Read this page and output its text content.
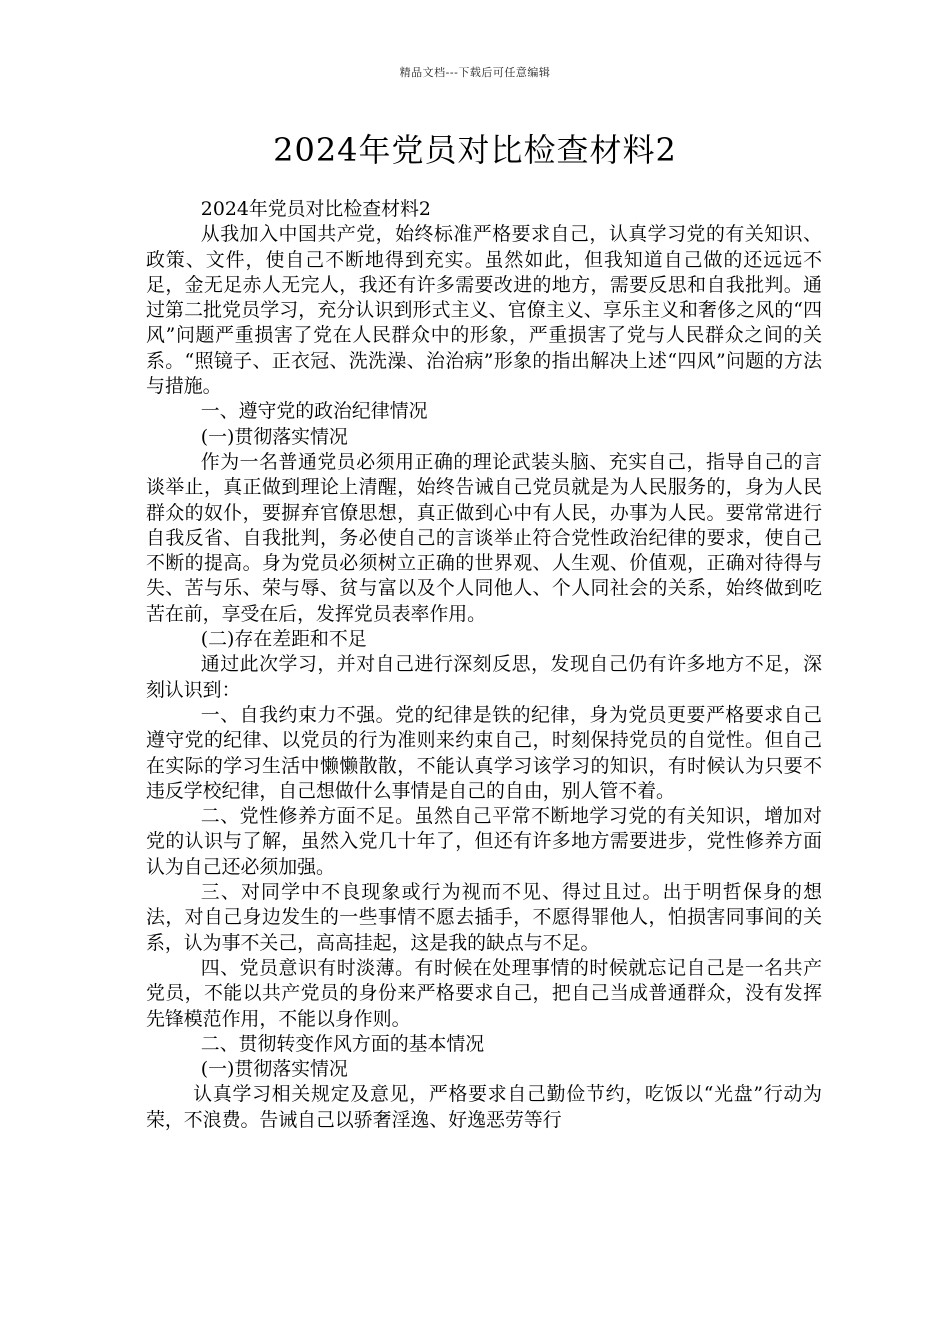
精品文档---下载后可任意编辑
2024年党员对比检查材料2

2024年党员对比检查材料2

从我加入中国共产党，始终标准严格要求自己，认真学习党的有关知识、政策、文件，使自己不断地得到充实。虽然如此，但我知道自己做的还远远不足，金无足赤人无完人，我还有许多需要改进的地方，需要反思和自我批判。通过第二批党员学习，充分认识到形式主义、官僚主义、享乐主义和奢侈之风的“四风”问题严重损害了党在人民群众中的形象，严重损害了党与人民群众之间的关系。“照镜子、正衣冠、洗洗澡、治治病”形象的指出解决上述“四风”问题的方法与措施。

一、遵守党的政治纪律情况

(一)贯彻落实情况

作为一名普通党员必须用正确的理论武装头脑、充实自己，指导自己的言谈举止，真正做到理论上清醒，始终告诫自己党员就是为人民服务的，身为人民群众的奴仆，要摒弃官僚思想，真正做到心中有人民，办事为人民。要常常进行自我反省、自我批判，务必使自己的言谈举止符合党性政治纪律的要求，使自己不断的提高。身为党员必须树立正确的世界观、人生观、价值观，正确对待得与失、苦与乐、荣与辱、贫与富以及个人同他人、个人同社会的关系，始终做到吃苦在前，享受在后，发挥党员表率作用。

(二)存在差距和不足

通过此次学习，并对自己进行深刻反思，发现自己仍有许多地方不足，深刻认识到：

一、自我约束力不强。党的纪律是铁的纪律，身为党员更要严格要求自己遵守党的纪律、以党员的行为准则来约束自己，时刻保持党员的自觉性。但自己在实际的学习生活中懒懒散散，不能认真学习该学习的知识，有时候认为只要不违反学校纪律，自己想做什么事情是自己的自由，别人管不着。

二、党性修养方面不足。虽然自己平常不断地学习党的有关知识，增加对党的认识与了解，虽然入党几十年了，但还有许多地方需要进步，党性修养方面认为自己还必须加强。

三、对同学中不良现象或行为视而不见、得过且过。出于明哲保身的想法，对自己身边发生的一些事情不愿去插手，不愿得罪他人，怕损害同事间的关系，认为事不关己，高高挂起，这是我的缺点与不足。

四、党员意识有时淡薄。有时候在处理事情的时候就忘记自己是一名共产党员，不能以共产党员的身份来严格要求自己，把自己当成普通群众，没有发挥先锋模范作用，不能以身作则。

二、贯彻转变作风方面的基本情况

(一)贯彻落实情况

认真学习相关规定及意见，严格要求自己勤俭节约，吃饭以“光盘”行动为荣，不浪费。告诫自己以骄奢淫逸、好逸恶劳等行
